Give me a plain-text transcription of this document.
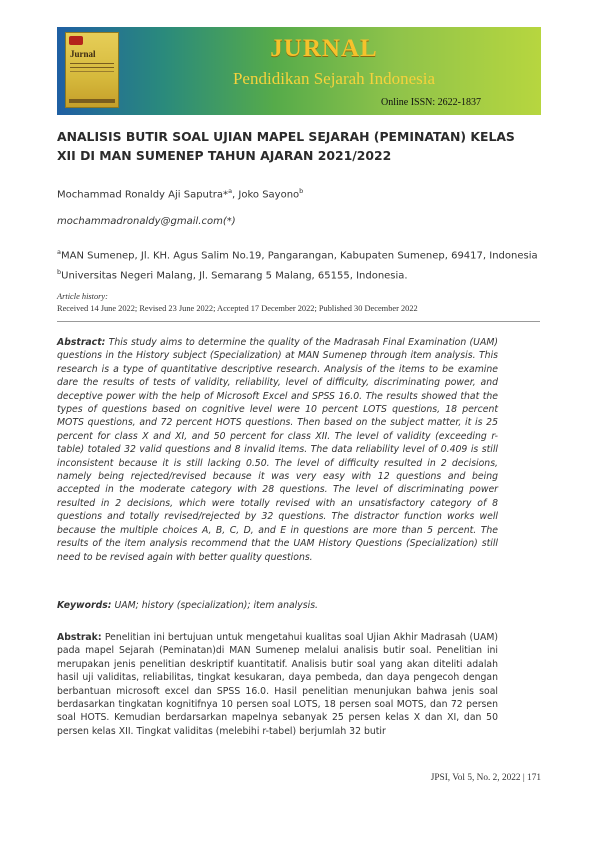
Jurnal	JURNAL
Pendidikan Sejarah Indonesia
Online ISSN: 2622-1837
ANALISIS BUTIR SOAL UJIAN MAPEL SEJARAH (PEMINATAN) KELAS XII DI MAN SUMENEP TAHUN AJARAN 2021/2022
Mochammad Ronaldy Aji Saputra*$^a$, Joko Sayono$^b$
mochammadronaldy@gmail.com(*)
$^a$MAN Sumenep, Jl. KH. Agus Salim No.19, Pangarangan, Kabupaten Sumenep, 69417, Indonesia
$^b$Universitas Negeri Malang, Jl. Semarang 5 Malang, 65155, Indonesia.
Article history:
Received 14 June 2022; Revised 23 June 2022; Accepted 17 December 2022; Published 30 December 2022

Abstract: This study aims to determine the quality of the Madrasah Final Examination (UAM) questions in the History subject (Specialization) at MAN Sumenep through item analysis. This research is a type of quantitative descriptive research. Analysis of the items to be examine dare the results of tests of validity, reliability, level of difficulty, discriminating power, and deceptive power with the help of Microsoft Excel and SPSS 16.0. The results showed that the types of questions based on cognitive level were 10 percent LOTS questions, 18 percent MOTS questions, and 72 percent HOTS questions. Then based on the subject matter, it is 25 percent for class X and XI, and 50 percent for class XII. The level of validity (exceeding r-table) totaled 32 valid questions and 8 invalid items. The data reliability level of 0.409 is still inconsistent because it is still lacking 0.50. The level of difficulty resulted in 2 decisions, namely being rejected/revised because it was very easy with 12 questions and being accepted in the moderate category with 28 questions. The level of discriminating power resulted in 2 decisions, which were totally revised with an unsatisfactory category of 8 questions and totally revised/rejected by 32 questions. The distractor function works well because the multiple choices A, B, C, D, and E in questions are more than 5 percent. The results of the item analysis recommend that the UAM History Questions (Specialization) still need to be revised again with better quality questions.

Keywords: UAM; history (specialization); item analysis.

Abstrak: Penelitian ini bertujuan untuk mengetahui kualitas soal Ujian Akhir Madrasah (UAM) pada mapel Sejarah (Peminatan)di MAN Sumenep melalui analisis butir soal. Penelitian ini merupakan jenis penelitian deskriptif kuantitatif. Analisis butir soal yang akan diteliti adalah hasil uji validitas, reliabilitas, tingkat kesukaran, daya pembeda, dan daya pengecoh dengan berbantuan microsoft excel dan SPSS 16.0. Hasil penelitian menunjukan bahwa jenis soal berdasarkan tingkatan kognitifnya 10 persen soal LOTS, 18 persen soal MOTS, dan 72 persen soal HOTS. Kemudian berdarsarkan mapelnya sebanyak 25 persen kelas X dan XI, dan 50 persen kelas XII. Tingkat validitas (melebihi r-tabel) berjumlah 32 butir

JPSI, Vol 5, No. 2, 2022 | 171
